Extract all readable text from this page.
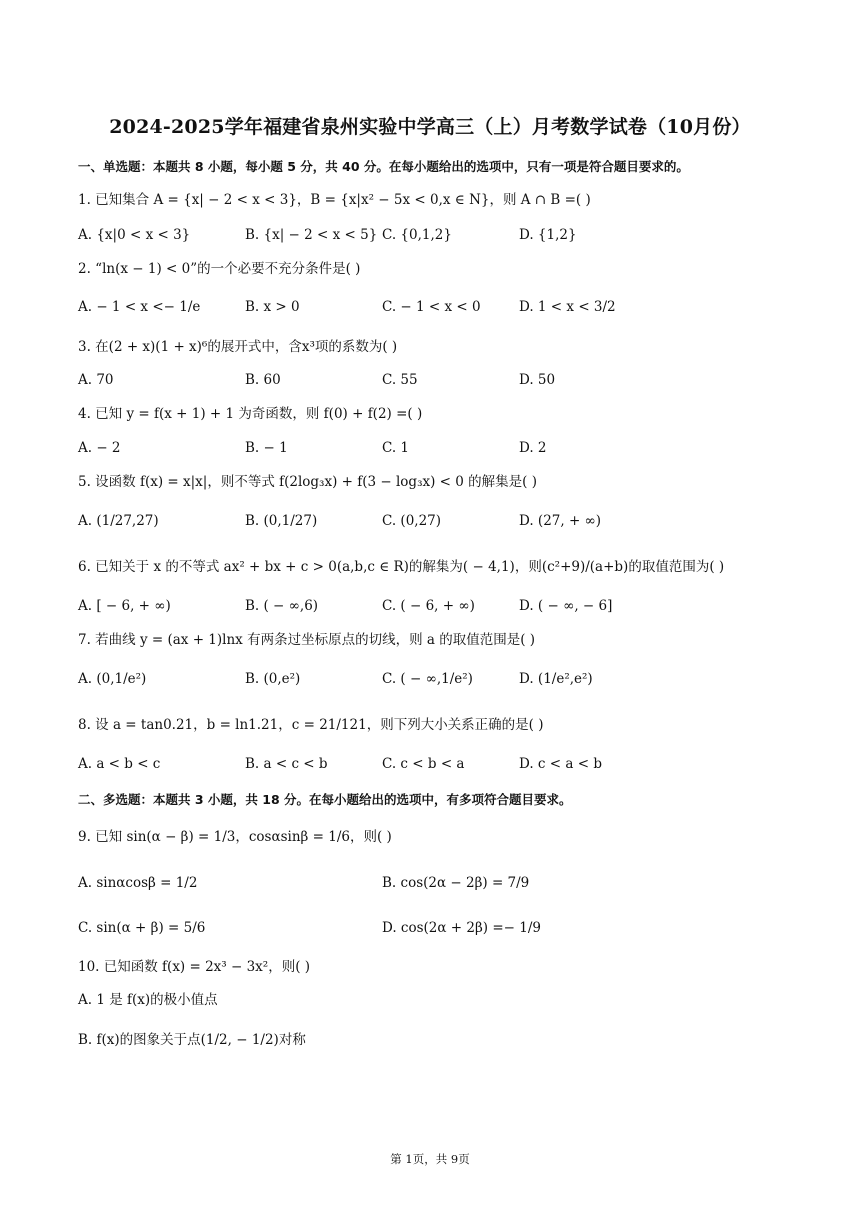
2024-2025学年福建省泉州实验中学高三（上）月考数学试卷（10月份）
一、单选题：本题共 8 小题，每小题 5 分，共 40 分。在每小题给出的选项中，只有一项是符合题目要求的。
1. 已知集合 A = {x| − 2 < x < 3}，B = {x|x² − 5x < 0,x ∈ N}，则 A ∩ B =( )
A. {x|0 < x < 3}	B. {x| − 2 < x < 5} C. {0,1,2}	D. {1,2}
2. “ln(x − 1) < 0”的一个必要不充分条件是( )
A. − 1 < x <− 1/e	B. x > 0	C. − 1 < x < 0	D. 1 < x < 3/2
3. 在(2 + x)(1 + x)⁶的展开式中，含x³项的系数为( )
A. 70	B. 60	C. 55	D. 50
4. 已知 y = f(x + 1) + 1 为奇函数，则 f(0) + f(2) =( )
A. − 2	B. − 1	C. 1	D. 2
5. 设函数 f(x) = x|x|，则不等式 f(2log₃x) + f(3 − log₃x) < 0 的解集是( )
A. (1/27,27)	B. (0,1/27)	C. (0,27)	D. (27, + ∞)
6. 已知关于 x 的不等式 ax² + bx + c > 0(a,b,c ∈ R)的解集为( − 4,1)，则(c²+9)/(a+b)的取值范围为( )
A. [ − 6, + ∞)	B. ( − ∞,6)	C. ( − 6, + ∞)	D. ( − ∞, − 6]
7. 若曲线 y = (ax + 1)lnx 有两条过坐标原点的切线，则 a 的取值范围是( )
A. (0,1/e²)	B. (0,e²)	C. ( − ∞,1/e²)	D. (1/e²,e²)
8. 设 a = tan0.21，b = ln1.21，c = 21/121，则下列大小关系正确的是( )
A. a < b < c	B. a < c < b	C. c < b < a	D. c < a < b
二、多选题：本题共 3 小题，共 18 分。在每小题给出的选项中，有多项符合题目要求。
9. 已知 sin(α − β) = 1/3，cosαsinβ = 1/6，则( )
A. sinαcosβ = 1/2	B. cos(2α − 2β) = 7/9
C. sin(α + β) = 5/6	D. cos(2α + 2β) =− 1/9
10. 已知函数 f(x) = 2x³ − 3x²，则( )
A. 1 是 f(x)的极小值点
B. f(x)的图象关于点(1/2, − 1/2)对称
第 1页，共 9页
